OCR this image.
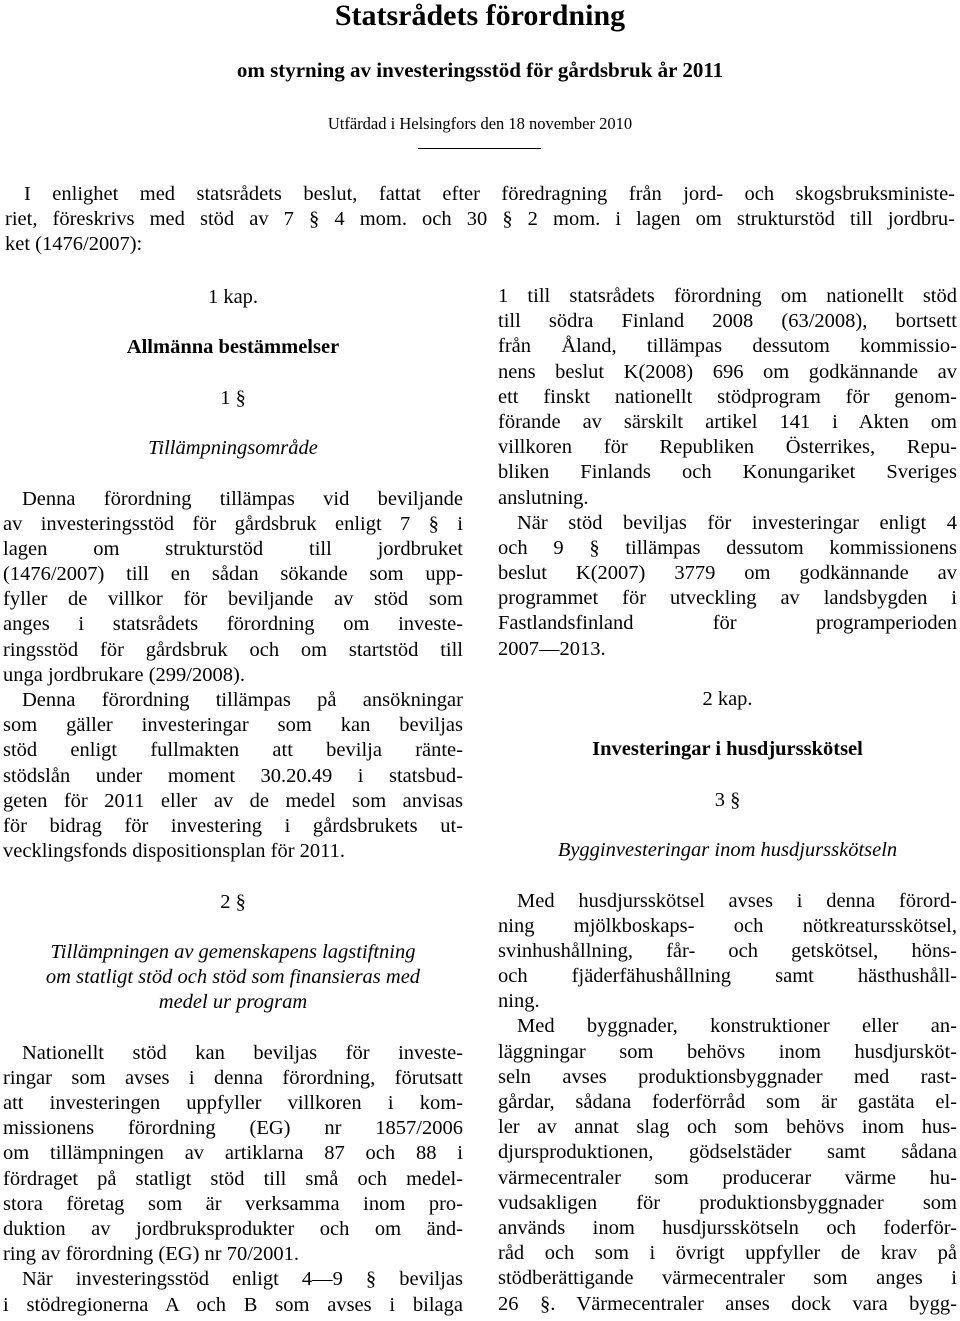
Statsrådets förordning
om styrning av investeringsstöd för gårdsbruk år 2011
Utfärdad i Helsingfors den 18 november 2010
I enlighet med statsrådets beslut, fattat efter föredragning från jord- och skogsbruksministe-
riet, föreskrivs med stöd av 7 § 4 mom. och 30 § 2 mom. i lagen om strukturstöd till jordbru-
ket (1476/2007):
1 kap.
Allmänna bestämmelser
1 §
Tillämpningsområde
Denna förordning tillämpas vid beviljande
av investeringsstöd för gårdsbruk enligt 7 § i
lagen om strukturstöd till jordbruket
(1476/2007) till en sådan sökande som upp-
fyller de villkor för beviljande av stöd som
anges i statsrådets förordning om investe-
ringsstöd för gårdsbruk och om startstöd till
unga jordbrukare (299/2008).
Denna förordning tillämpas på ansökningar
som gäller investeringar som kan beviljas
stöd enligt fullmakten att bevilja ränte-
stödslån under moment 30.20.49 i statsbud-
geten för 2011 eller av de medel som anvisas
för bidrag för investering i gårdsbrukets ut-
vecklingsfonds dispositionsplan för 2011.
2 §
Tillämpningen av gemenskapens lagstiftning
om statligt stöd och stöd som finansieras med
medel ur program
Nationellt stöd kan beviljas för investe-
ringar som avses i denna förordning, förutsatt
att investeringen uppfyller villkoren i kom-
missionens förordning (EG) nr 1857/2006
om tillämpningen av artiklarna 87 och 88 i
fördraget på statligt stöd till små och medel-
stora företag som är verksamma inom pro-
duktion av jordbruksprodukter och om änd-
ring av förordning (EG) nr 70/2001.
När investeringsstöd enligt 4—9 § beviljas
i stödregionerna A och B som avses i bilaga
1 till statsrådets förordning om nationellt stöd
till södra Finland 2008 (63/2008), bortsett
från Åland, tillämpas dessutom kommissio-
nens beslut K(2008) 696 om godkännande av
ett finskt nationellt stödprogram för genom-
förande av särskilt artikel 141 i Akten om
villkoren för Republiken Österrikes, Repu-
bliken Finlands och Konungariket Sveriges
anslutning.
När stöd beviljas för investeringar enligt 4
och 9 § tillämpas dessutom kommissionens
beslut K(2007) 3779 om godkännande av
programmet för utveckling av landsbygden i
Fastlandsfinland för programperioden
2007—2013.
2 kap.
Investeringar i husdjursskötsel
3 §
Bygginvesteringar inom husdjursskötseln
Med husdjursskötsel avses i denna förord-
ning mjölkboskaps- och nötkreatursskötsel,
svinhushållning, får- och getskötsel, höns-
och fjäderfähushållning samt hästhushåll-
ning.
Med byggnader, konstruktioner eller an-
läggningar som behövs inom husdjursköt-
seln avses produktionsbyggnader med rast-
gårdar, sådana foderförråd som är gastäta el-
ler av annat slag och som behövs inom hus-
djursproduktionen, gödselstäder samt sådana
värmecentraler som producerar värme hu-
vudsakligen för produktionsbyggnader som
används inom husdjursskötseln och foderför-
råd och som i övrigt uppfyller de krav på
stödberättigande värmecentraler som anges i
26 §. Värmecentraler anses dock vara bygg-
